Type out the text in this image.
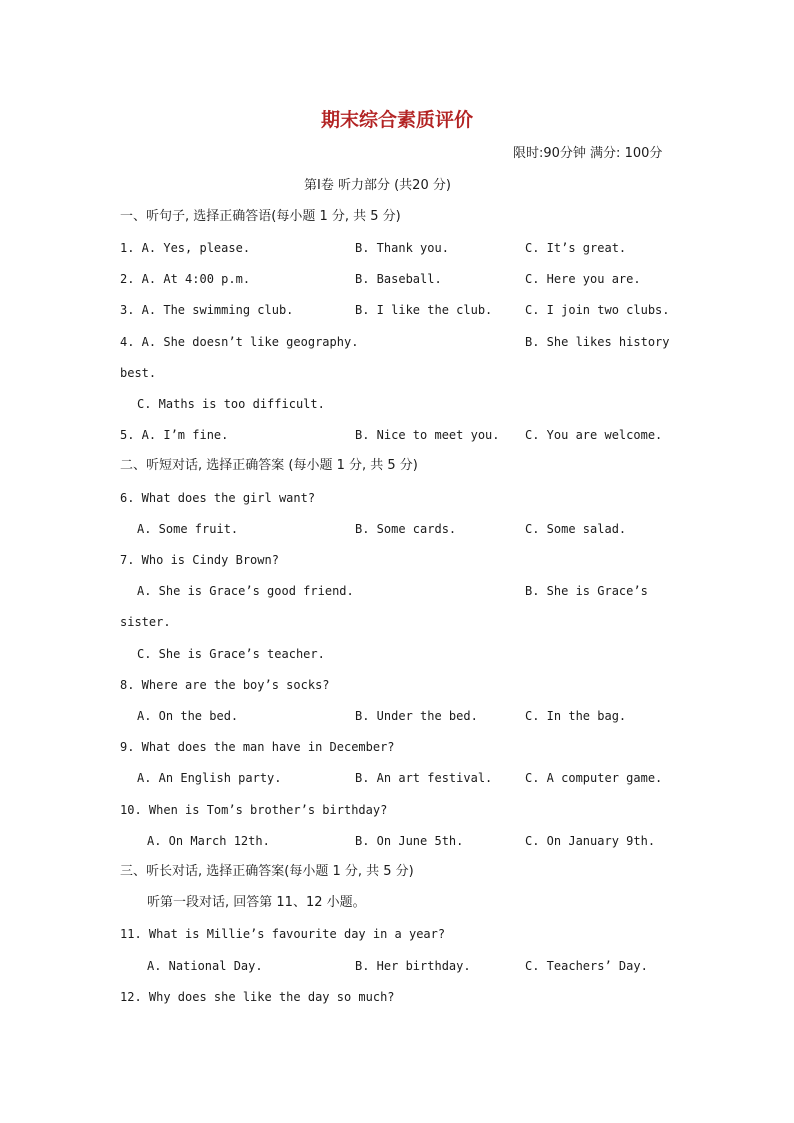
期末综合素质评价
限时:90分钟 满分: 100分
第Ⅰ卷 听力部分 (共20 分)
一、听句子, 选择正确答语(每小题 1 分, 共 5 分)
1. A. Yes, please.	B. Thank you.	C. It’s great.
2. A. At 4:00 p.m.	B. Baseball.	C. Here you are.
3. A. The swimming club.	B. I like the club.	C. I join two clubs.
4. A. She doesn’t like geography.	B. She likes history
best.
C. Maths is too difficult.
5. A. I’m fine.	B. Nice to meet you. C. You are welcome.
二、听短对话, 选择正确答案 (每小题 1 分, 共 5 分)
6. What does the girl want?
A. Some fruit.	B. Some cards.	C. Some salad.
7. Who is Cindy Brown?
A. She is Grace’s good friend.	B. She is Grace’s
sister.
C. She is Grace’s teacher.
8. Where are the boy’s socks?
A. On the bed.	B. Under the bed.	C. In the bag.
9. What does the man have in December?
A. An English party.	B. An art festival.	C. A computer game.
10. When is Tom’s brother’s birthday?
A. On March 12th.	B. On June 5th.	C. On January 9th.
三、听长对话, 选择正确答案(每小题 1 分, 共 5 分)
听第一段对话, 回答第 11、12 小题。
11. What is Millie’s favourite day in a year?
A. National Day.	B. Her birthday.	C. Teachers’ Day.
12. Why does she like the day so much?
